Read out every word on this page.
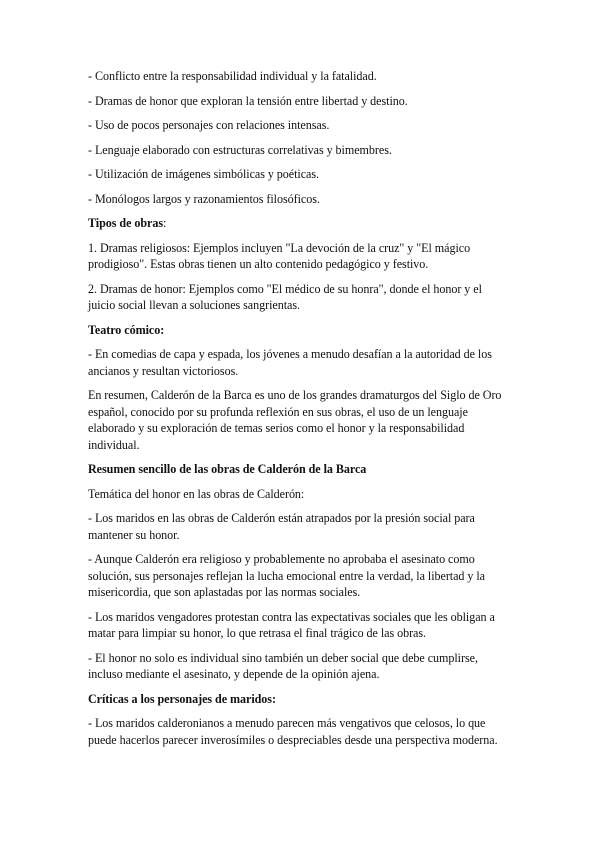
- Conflicto entre la responsabilidad individual y la fatalidad.

- Dramas de honor que exploran la tensión entre libertad y destino.

- Uso de pocos personajes con relaciones intensas.

- Lenguaje elaborado con estructuras correlativas y bimembres.

- Utilización de imágenes simbólicas y poéticas.

- Monólogos largos y razonamientos filosóficos.

Tipos de obras:

1. Dramas religiosos: Ejemplos incluyen "La devoción de la cruz" y "El mágico prodigioso". Estas obras tienen un alto contenido pedagógico y festivo.

2. Dramas de honor: Ejemplos como "El médico de su honra", donde el honor y el juicio social llevan a soluciones sangrientas.

Teatro cómico:

- En comedias de capa y espada, los jóvenes a menudo desafían a la autoridad de los ancianos y resultan victoriosos.

En resumen, Calderón de la Barca es uno de los grandes dramaturgos del Siglo de Oro español, conocido por su profunda reflexión en sus obras, el uso de un lenguaje elaborado y su exploración de temas serios como el honor y la responsabilidad individual.

Resumen sencillo de las obras de Calderón de la Barca

Temática del honor en las obras de Calderón:

- Los maridos en las obras de Calderón están atrapados por la presión social para mantener su honor.

- Aunque Calderón era religioso y probablemente no aprobaba el asesinato como solución, sus personajes reflejan la lucha emocional entre la verdad, la libertad y la misericordia, que son aplastadas por las normas sociales.

- Los maridos vengadores protestan contra las expectativas sociales que les obligan a matar para limpiar su honor, lo que retrasa el final trágico de las obras.

- El honor no solo es individual sino también un deber social que debe cumplirse, incluso mediante el asesinato, y depende de la opinión ajena.

Críticas a los personajes de maridos:

- Los maridos calderonianos a menudo parecen más vengativos que celosos, lo que puede hacerlos parecer inverosímiles o despreciables desde una perspectiva moderna.
